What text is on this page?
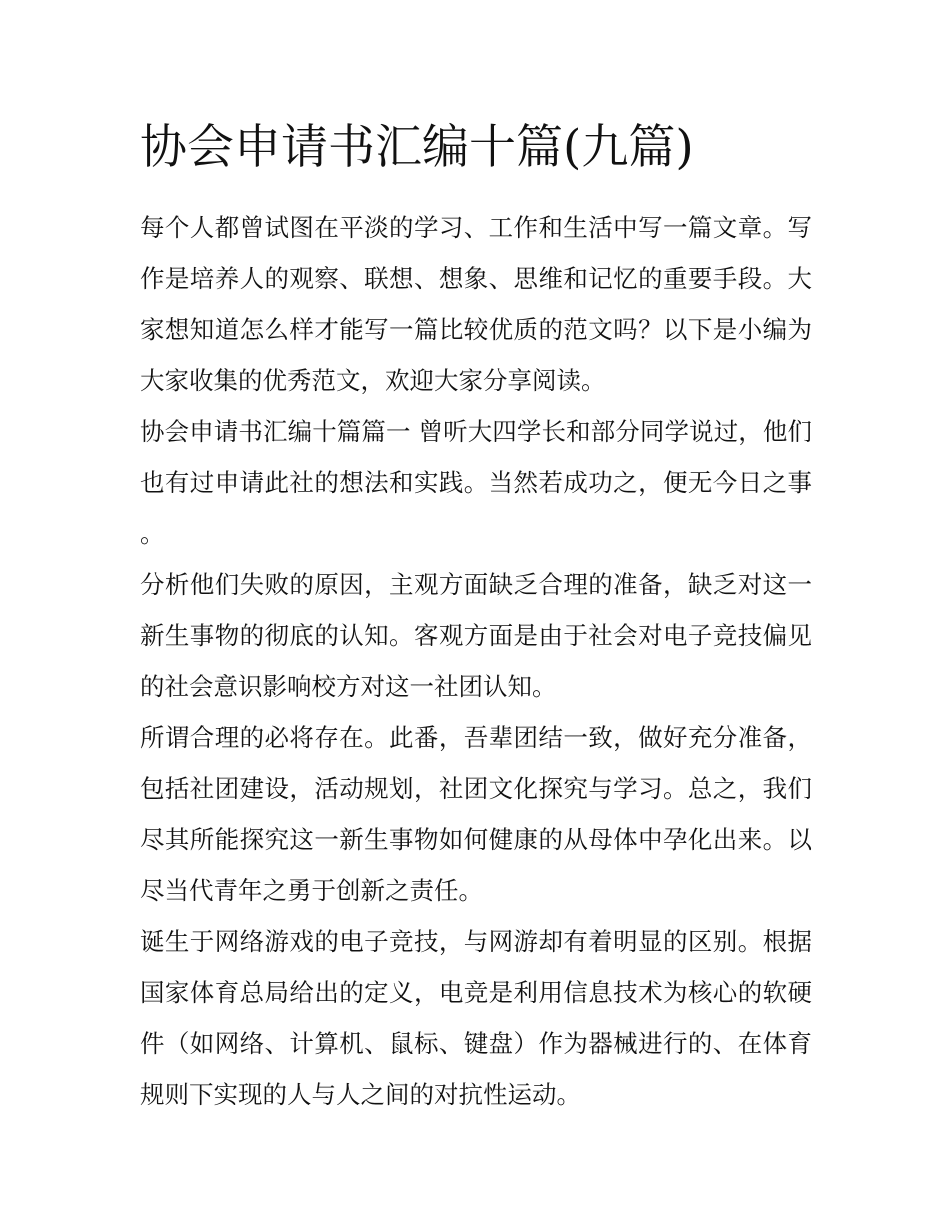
协会申请书汇编十篇(九篇)

每个人都曾试图在平淡的学习、工作和生活中写一篇文章。写作是培养人的观察、联想、想象、思维和记忆的重要手段。大家想知道怎么样才能写一篇比较优质的范文吗？以下是小编为大家收集的优秀范文，欢迎大家分享阅读。

协会申请书汇编十篇篇一 曾听大四学长和部分同学说过，他们也有过申请此社的想法和实践。当然若成功之，便无今日之事。

分析他们失败的原因，主观方面缺乏合理的准备，缺乏对这一新生事物的彻底的认知。客观方面是由于社会对电子竞技偏见的社会意识影响校方对这一社团认知。

所谓合理的必将存在。此番，吾辈团结一致，做好充分准备，包括社团建设，活动规划，社团文化探究与学习。总之，我们尽其所能探究这一新生事物如何健康的从母体中孕化出来。以尽当代青年之勇于创新之责任。

诞生于网络游戏的电子竞技，与网游却有着明显的区别。根据国家体育总局给出的定义，电竞是利用信息技术为核心的软硬件（如网络、计算机、鼠标、键盘）作为器械进行的、在体育规则下实现的人与人之间的对抗性运动。
